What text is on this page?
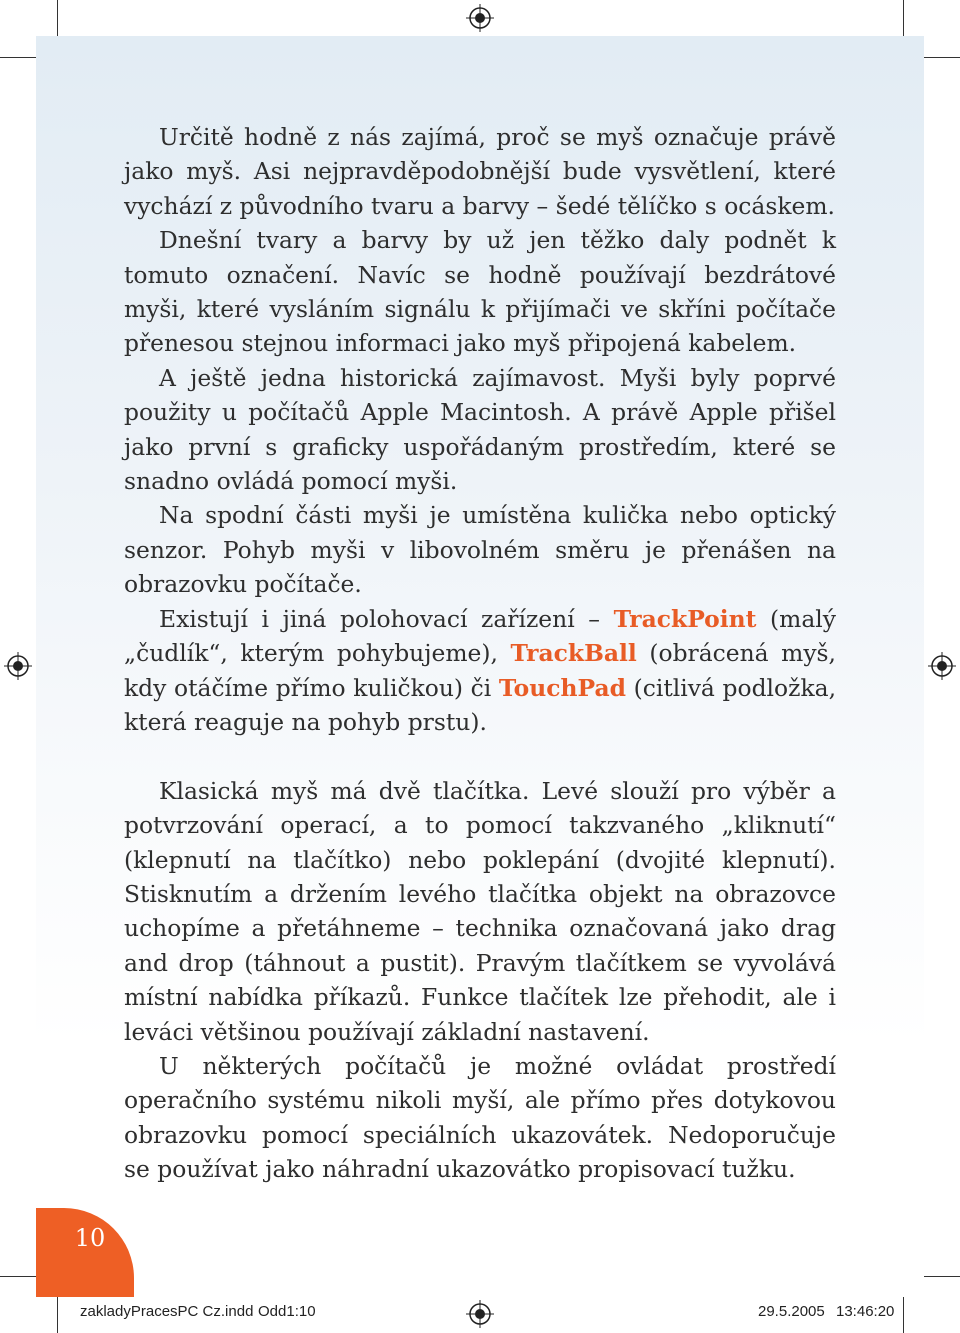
Určitě hodně z nás zajímá, proč se myš označuje právě jako myš. Asi nejpravděpodobnější bude vysvětlení, které vychází z původního tvaru a barvy – šedé tělíčko s ocáskem.

Dnešní tvary a barvy by už jen těžko daly podnět k tomuto označení. Navíc se hodně používají bezdrátové myši, které vysláním signálu k přijímači ve skříni počítače přenesou stejnou informaci jako myš připojená kabelem.

A ještě jedna historická zajímavost. Myši byly poprvé použity u počítačů Apple Macintosh. A právě Apple přišel jako první s graficky uspořádaným prostředím, které se snadno ovládá pomocí myši.

Na spodní části myši je umístěna kulička nebo optický senzor. Pohyb myši v libovolném směru je přenášen na obrazovku počítače.

Existují i jiná polohovací zařízení – TrackPoint (malý „čudlík“, kterým pohybujeme), TrackBall (obrácená myš, kdy otáčíme přímo kuličkou) či TouchPad (citlivá podložka, která reaguje na pohyb prstu).

Klasická myš má dvě tlačítka. Levé slouží pro výběr a potvrzování operací, a to pomocí takzvaného „kliknutí“ (klepnutí na tlačítko) nebo poklepání (dvojité klepnutí). Stisknutím a držením levého tlačítka objekt na obrazovce uchopíme a přetáhneme – technika označovaná jako drag and drop (táhnout a pustit). Pravým tlačítkem se vyvolává místní nabídka příkazů. Funkce tlačítek lze přehodit, ale i leváci většinou používají základní nastavení.

U některých počítačů je možné ovládat prostředí operačního systému nikoli myší, ale přímo přes dotykovou obrazovku pomocí speciálních ukazovátek. Nedoporučuje se používat jako náhradní ukazovátko propisovací tužku.

10
zakladyPracesPC Cz.indd Odd1:10	29.5.2005 13:46:20
